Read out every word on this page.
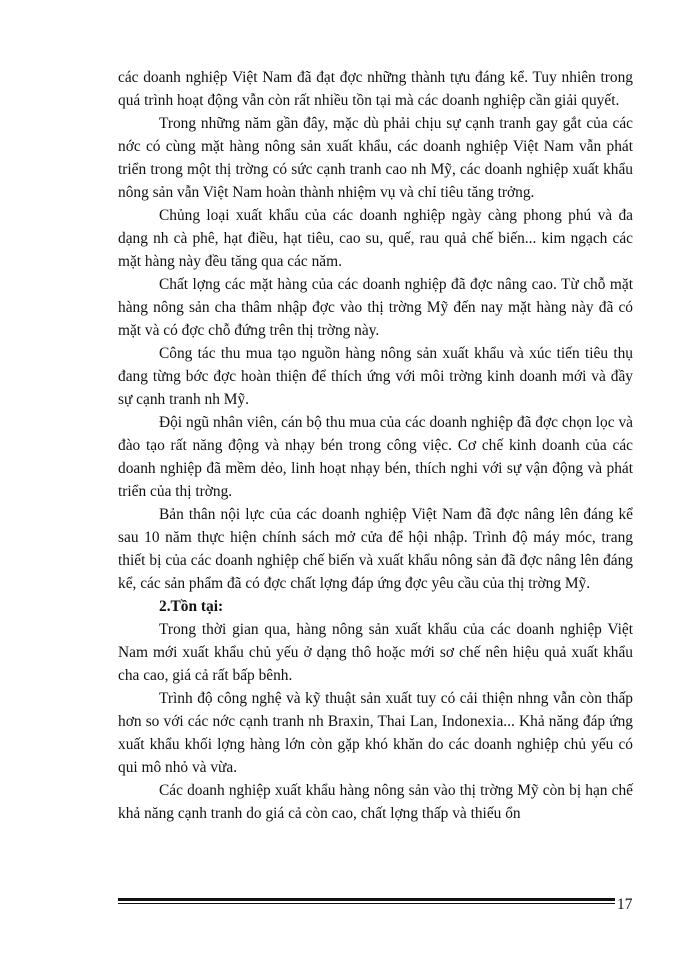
các doanh nghiệp Việt Nam đã đạt đợc những thành tựu đáng kể. Tuy nhiên trong quá trình hoạt động vẫn còn rất nhiều tồn tại mà các doanh nghiệp cần giải quyết.

Trong những năm gần đây, mặc dù phải chịu sự cạnh tranh gay gắt của các nớc có cùng mặt hàng nông sản xuất khẩu, các doanh nghiệp Việt Nam vẫn phát triển trong một thị trờng có sức cạnh tranh cao nh Mỹ, các doanh nghiệp xuất khẩu nông sản vẫn Việt Nam hoàn thành nhiệm vụ và chỉ tiêu tăng trởng.

Chủng loại xuất khẩu của các doanh nghiệp ngày càng phong phú và đa dạng nh cà phê, hạt điều, hạt tiêu, cao su, quế, rau quả chế biến... kim ngạch các mặt hàng này đều tăng qua các năm.

Chất lợng các mặt hàng của các doanh nghiệp đã đợc nâng cao. Từ chỗ mặt hàng nông sản cha thâm nhập đợc vào thị trờng Mỹ đến nay mặt hàng này đã có mặt và có đợc chỗ đứng trên thị trờng này.

Công tác thu mua tạo nguồn hàng nông sản xuất khẩu và xúc tiến tiêu thụ đang từng bớc đợc hoàn thiện để thích ứng với môi trờng kinh doanh mới và đầy sự cạnh tranh nh Mỹ.

Đội ngũ nhân viên, cán bộ thu mua của các doanh nghiệp đã đợc chọn lọc và đào tạo rất năng động và nhạy bén trong công việc. Cơ chế kinh doanh của các doanh nghiệp đã mềm dẻo, linh hoạt nhạy bén, thích nghi với sự vận động và phát triển của thị trờng.

Bản thân nội lực của các doanh nghiệp Việt Nam đã đợc nâng lên đáng kể sau 10 năm thực hiện chính sách mở cửa để hội nhập. Trình độ máy móc, trang thiết bị của các doanh nghiệp chế biến và xuất khẩu nông sản đã đợc nâng lên đáng kể, các sản phẩm đã có đợc chất lợng đáp ứng đợc yêu cầu của thị trờng Mỹ.

2.Tồn tại:

Trong thời gian qua, hàng nông sản xuất khẩu của các doanh nghiệp Việt Nam mới xuất khẩu chủ yếu ở dạng thô hoặc mới sơ chế nên hiệu quả xuất khẩu cha cao, giá cả rất bấp bênh.

Trình độ công nghệ và kỹ thuật sản xuất tuy có cải thiện nhng vẫn còn thấp hơn so với các nớc cạnh tranh nh Braxin, Thai Lan, Indonexia... Khả năng đáp ứng xuất khẩu khối lợng hàng lớn còn gặp khó khăn do các doanh nghiệp chủ yếu có qui mô nhỏ và vừa.

Các doanh nghiệp xuất khẩu hàng nông sản vào thị trờng Mỹ còn bị hạn chế khả năng cạnh tranh do giá cả còn cao, chất lợng thấp và thiếu ổn

17
